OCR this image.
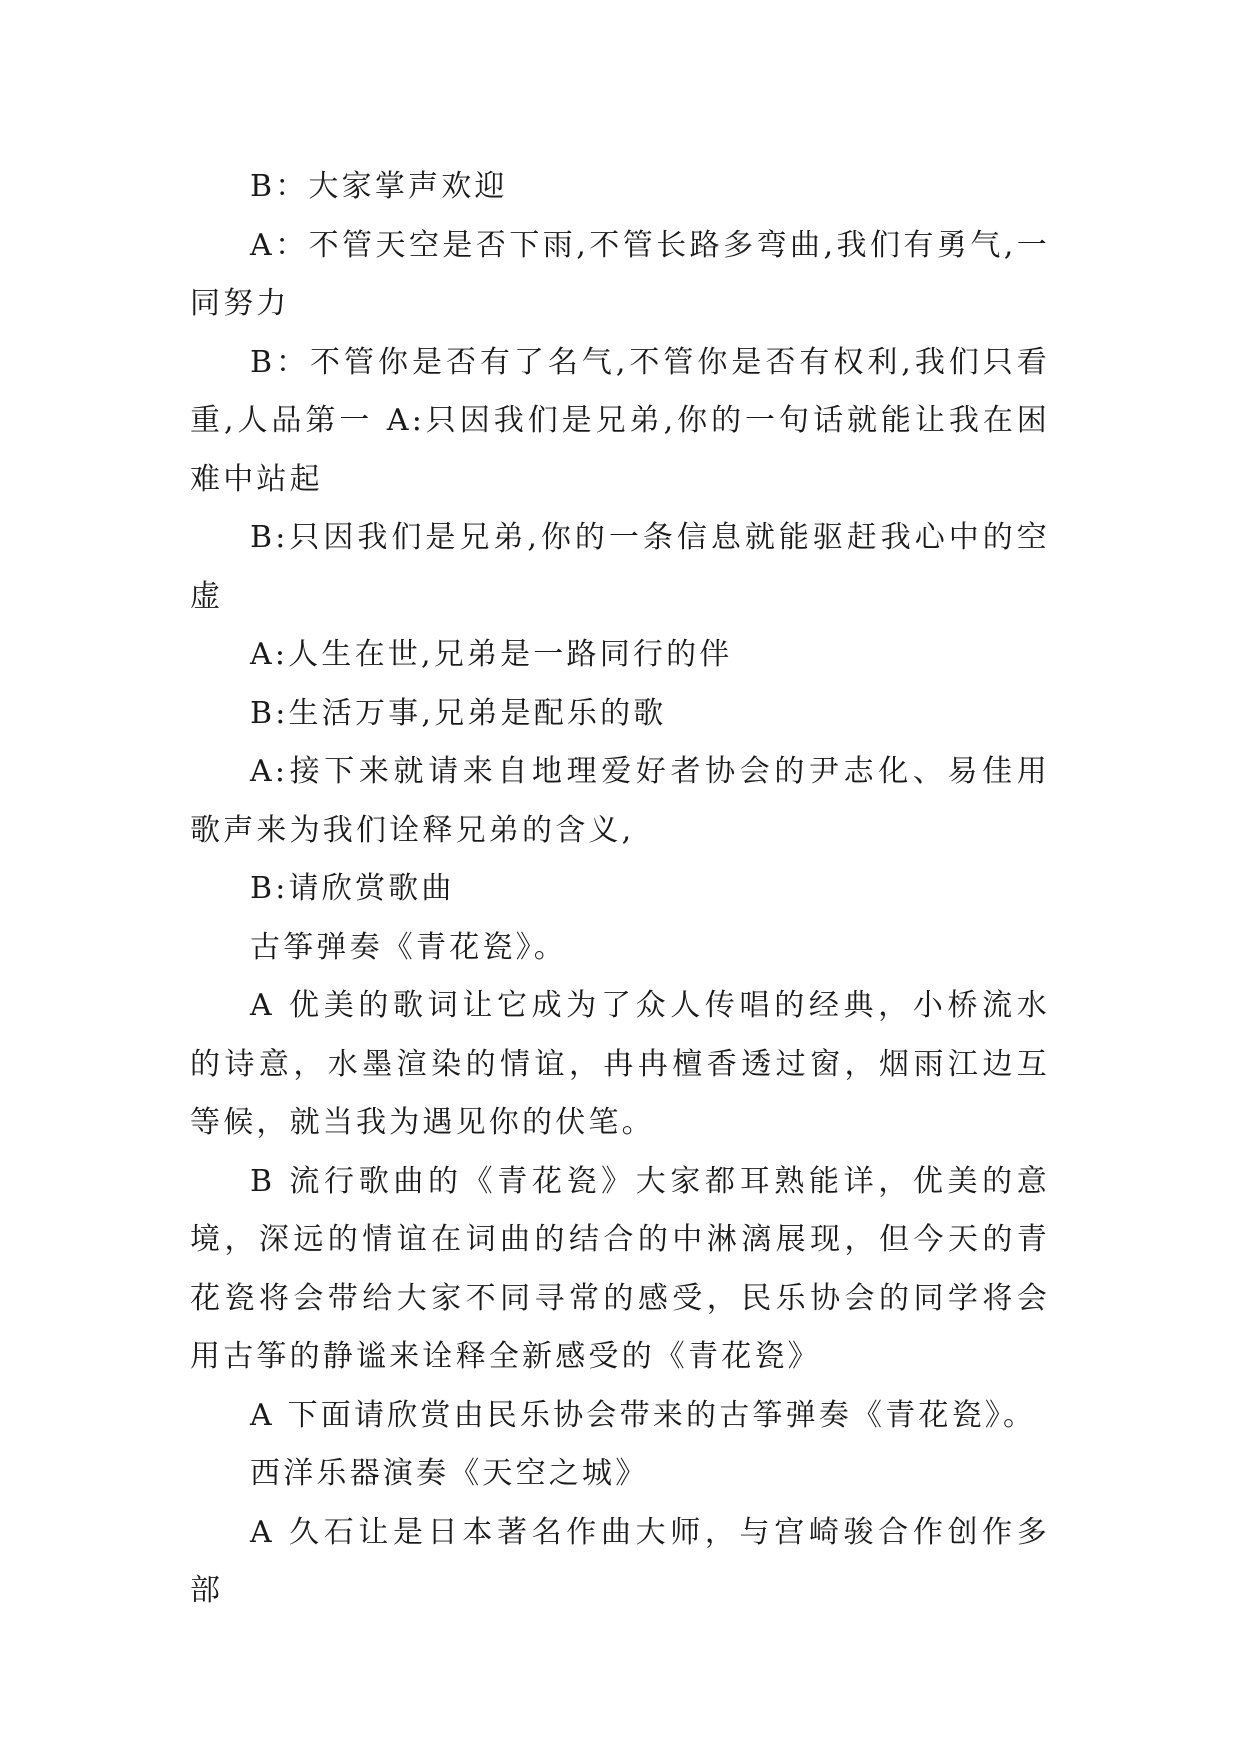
B：大家掌声欢迎

A：不管天空是否下雨,不管长路多弯曲,我们有勇气,一同努力

B：不管你是否有了名气,不管你是否有权利,我们只看重,人品第一 A:只因我们是兄弟,你的一句话就能让我在困难中站起

B:只因我们是兄弟,你的一条信息就能驱赶我心中的空虚

A:人生在世,兄弟是一路同行的伴

B:生活万事,兄弟是配乐的歌

A:接下来就请来自地理爱好者协会的尹志化、易佳用歌声来为我们诠释兄弟的含义,

B:请欣赏歌曲

古筝弹奏《青花瓷》。

A 优美的歌词让它成为了众人传唱的经典，小桥流水的诗意，水墨渲染的情谊，冉冉檀香透过窗，烟雨江边互等候，就当我为遇见你的伏笔。

B 流行歌曲的《青花瓷》大家都耳熟能详，优美的意境，深远的情谊在词曲的结合的中淋漓展现，但今天的青花瓷将会带给大家不同寻常的感受，民乐协会的同学将会用古筝的静谧来诠释全新感受的《青花瓷》

A 下面请欣赏由民乐协会带来的古筝弹奏《青花瓷》。

西洋乐器演奏《天空之城》

A 久石让是日本著名作曲大师，与宫崎骏合作创作多部
